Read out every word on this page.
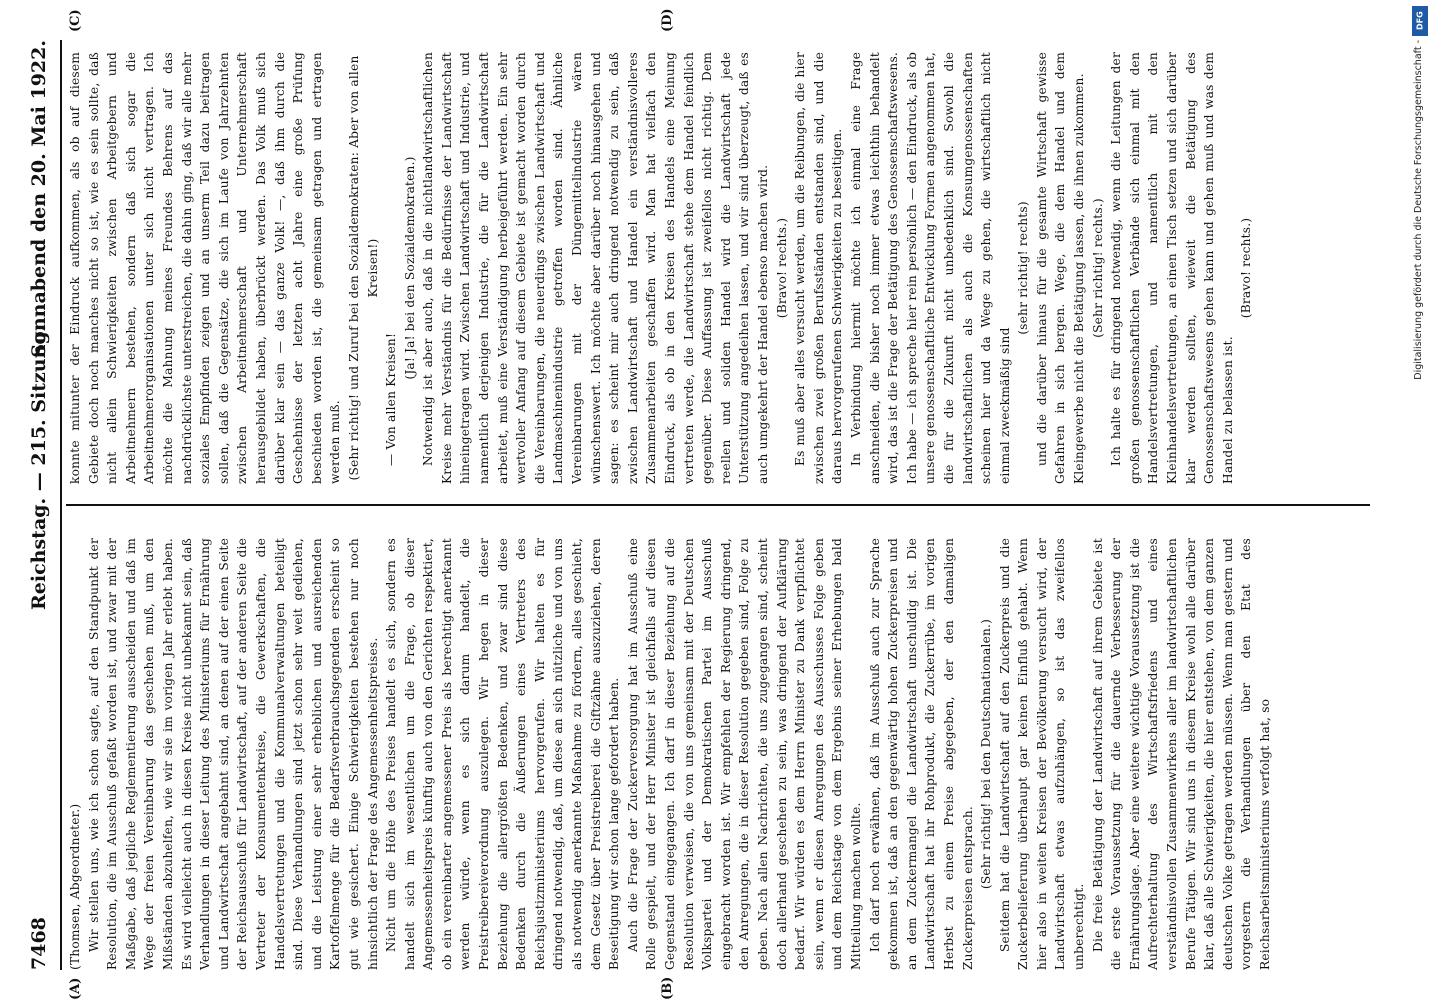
7468
Reichstag. — 215. Sitzung.
Sonnabend den 20. Mai 1922.
(A)	(B)
(C)	(D)

(Thomsen, Abgeordneter.) Wir stellen uns, wie ich schon sagte, auf den Standpunkt der Resolution, die im Ausschuß gefaßt worden ist, und zwar mit der Maßgabe, daß jegliche Reglementierung ausscheiden und daß im Wege der freien Vereinbarung das geschehen muß, um den Mißständen abzuhelfen, wie wir sie im vorigen Jahr erlebt haben. Es wird vielleicht auch in diesen Kreise nicht unbekannt sein, daß Verhandlungen in dieser Leitung des Ministeriums für Ernährung und Landwirtschaft angebahnt sind, an denen auf der einen Seite der Reichsausschuß für Landwirtschaft, auf der anderen Seite die Vertreter der Konsumentenkreise, die Gewerkschaften, die Handelsvertretungen und die Kommunalverwaltungen beteiligt sind. Diese Verhandlungen sind jetzt schon sehr weit gediehen, und die Leistung einer sehr erheblichen und ausreichenden Kartoffelmenge für die Bedarfsverbrauchsgegenden erscheint so gut wie gesichert. Einige Schwierigkeiten bestehen nur noch hinsichtlich der Frage des Angemessenheitspreises. Nicht um die Höhe des Preises handelt es sich, sondern es handelt sich im wesentlichen um die Frage, ob dieser Angemessenheitspreis künftig auch von den Gerichten respektiert, ob ein vereinbarter angemessener Preis als berechtigt anerkannt werden würde, wenn es sich darum handelt, die Preistreibereiverordnung auszulegen. Wir hegen in dieser Beziehung die allergrößten Bedenken, und zwar sind diese Bedenken durch die Äußerungen eines Vertreters des Reichsjustizministeriums hervorgerufen. Wir halten es für dringend notwendig, daß, um diese an sich nützliche und von uns als notwendig anerkannte Maßnahme zu fördern, alles geschieht, dem Gesetz über Preistreiberei die Giftzähne auszuziehen, deren Beseitigung wir schon lange gefordert haben. Auch die Frage der Zuckerversorgung hat im Ausschuß eine Rolle gespielt, und der Herr Minister ist gleichfalls auf diesen Gegenstand eingegangen. Ich darf in dieser Beziehung auf die Resolution verweisen, die von uns gemeinsam mit der Deutschen Volkspartei und der Demokratischen Partei im Ausschuß eingebracht worden ist. Wir empfehlen der Regierung dringend, den Anregungen, die in dieser Resolution gegeben sind, Folge zu geben. Nach allen Nachrichten, die uns zugegangen sind, scheint doch allerhand geschehen zu sein, was dringend der Aufklärung bedarf. Wir würden es dem Herrn Minister zu Dank verpflichtet sein, wenn er diesen Anregungen des Ausschusses Folge geben und dem Reichstage von dem Ergebnis seiner Erhebungen bald Mitteilung machen wollte. Ich darf noch erwähnen, daß im Ausschuß auch zur Sprache gekommen ist, daß an den gegenwärtig hohen Zuckerpreisen und an dem Zuckermangel die Landwirtschaft unschuldig ist. Die Landwirtschaft hat ihr Rohprodukt, die Zuckerrübe, im vorigen Herbst zu einem Preise abgegeben, der den damaligen Zuckerpreisen entsprach. (Sehr richtig! bei den Deutschnationalen.) Seitdem hat die Landwirtschaft auf den Zuckerpreis und die Zuckerbelieferung überhaupt gar keinen Einfluß gehabt. Wenn hier also in weiten Kreisen der Bevölkerung versucht wird, der Landwirtschaft etwas aufzuhängen, so ist das zweifellos unberechtigt. Die freie Betätigung der Landwirtschaft auf ihrem Gebiete ist die erste Voraussetzung für die dauernde Verbesserung der Ernährungslage. Aber eine weitere wichtige Voraussetzung ist die Aufrechterhaltung des Wirtschaftsfriedens und eines verständnisvollen Zusammenwirkens aller im landwirtschaftlichen Berufe Tätigen. Wir sind uns in diesem Kreise wohl alle darüber klar, daß alle Schwierigkeiten, die hier entstehen, von dem ganzen deutschen Volke getragen werden müssen. Wenn man gestern und vorgestern die Verhandlungen über den Etat des Reichsarbeitsministeriums verfolgt hat, so

konnte mitunter der Eindruck aufkommen, als ob auf diesem Gebiete doch noch manches nicht so ist, wie es sein sollte, daß nicht allein Schwierigkeiten zwischen Arbeitgebern und Arbeitnehmern bestehen, sondern daß sich sogar die Arbeitnehmerorganisationen unter sich nicht vertragen. Ich möchte die Mahnung meines Freundes Behrens auf das nachdrücklichste unterstreichen, die dahin ging, daß wir alle mehr soziales Empfinden zeigen und an unserm Teil dazu beitragen sollen, daß die Gegensätze, die sich im Laufe von Jahrzehnten zwischen Arbeitnehmerschaft und Unternehmerschaft herausgebildet haben, überbrückt werden. Das Volk muß sich darüber klar sein — das ganze Volk! —, daß ihm durch die Geschehnisse der letzten acht Jahre eine große Prüfung beschieden worden ist, die gemeinsam getragen und ertragen werden muß. (Sehr richtig! und Zuruf bei den Sozialdemokraten: Aber von allen Kreisen!)

— Von allen Kreisen!

(Ja! Ja! bei den Sozialdemokraten.) Notwendig ist aber auch, daß in die nichtlandwirtschaftlichen Kreise mehr Verständnis für die Bedürfnisse der Landwirtschaft hineingetragen wird. Zwischen Landwirtschaft und Industrie, und namentlich derjenigen Industrie, die für die Landwirtschaft arbeitet, muß eine Verständigung herbeigeführt werden. Ein sehr wertvoller Anfang auf diesem Gebiete ist gemacht worden durch die Vereinbarungen, die neuerdings zwischen Landwirtschaft und Landmaschinenindustrie getroffen worden sind. Ähnliche Vereinbarungen mit der Düngemittelindustrie wären wünschenswert. Ich möchte aber darüber noch hinausgehen und sagen: es scheint mir auch dringend notwendig zu sein, daß zwischen Landwirtschaft und Handel ein verständnisvolleres Zusammenarbeiten geschaffen wird. Man hat vielfach den Eindruck, als ob in den Kreisen des Handels eine Meinung vertreten werde, die Landwirtschaft stehe dem Handel feindlich gegenüber. Diese Auffassung ist zweifellos nicht richtig. Dem reellen und soliden Handel wird die Landwirtschaft jede Unterstützung angedeihen lassen, und wir sind überzeugt, daß es auch umgekehrt der Handel ebenso machen wird. (Bravo! rechts.) Es muß aber alles versucht werden, um die Reibungen, die hier zwischen zwei großen Berufsständen entstanden sind, und die daraus hervorgerufenen Schwierigkeiten zu beseitigen. In Verbindung hiermit möchte ich einmal eine Frage anschneiden, die bisher noch immer etwas leichthin behandelt wird, das ist die Frage der Betätigung des Genossenschaftswesens. Ich habe — ich spreche hier rein persönlich — den Eindruck, als ob unsere genossenschaftliche Entwicklung Formen angenommen hat, die für die Zukunft nicht unbedenklich sind. Sowohl die landwirtschaftlichen als auch die Konsumgenossenschaften scheinen hier und da Wege zu gehen, die wirtschaftlich nicht einmal zweckmäßig sind

(sehr richtig! rechts) und die darüber hinaus für die gesamte Wirtschaft gewisse Gefahren in sich bergen. Wege, die dem Handel und dem Kleingewerbe nicht die Betätigung lassen, die ihnen zukommen. (Sehr richtig! rechts.) Ich halte es für dringend notwendig, wenn die Leitungen der großen genossenschaftlichen Verbände sich einmal mit den Handelsvertretungen, und namentlich mit den Kleinhandelsvertretungen, an einen Tisch setzen und sich darüber klar werden sollten, wieweit die Betätigung des Genossenschaftswesens gehen kann und gehen muß und was dem Handel zu belassen ist.

(Bravo! rechts.)

DFG
Digitalisierung gefördert durch die Deutsche Forschungsgemeinschaft -
